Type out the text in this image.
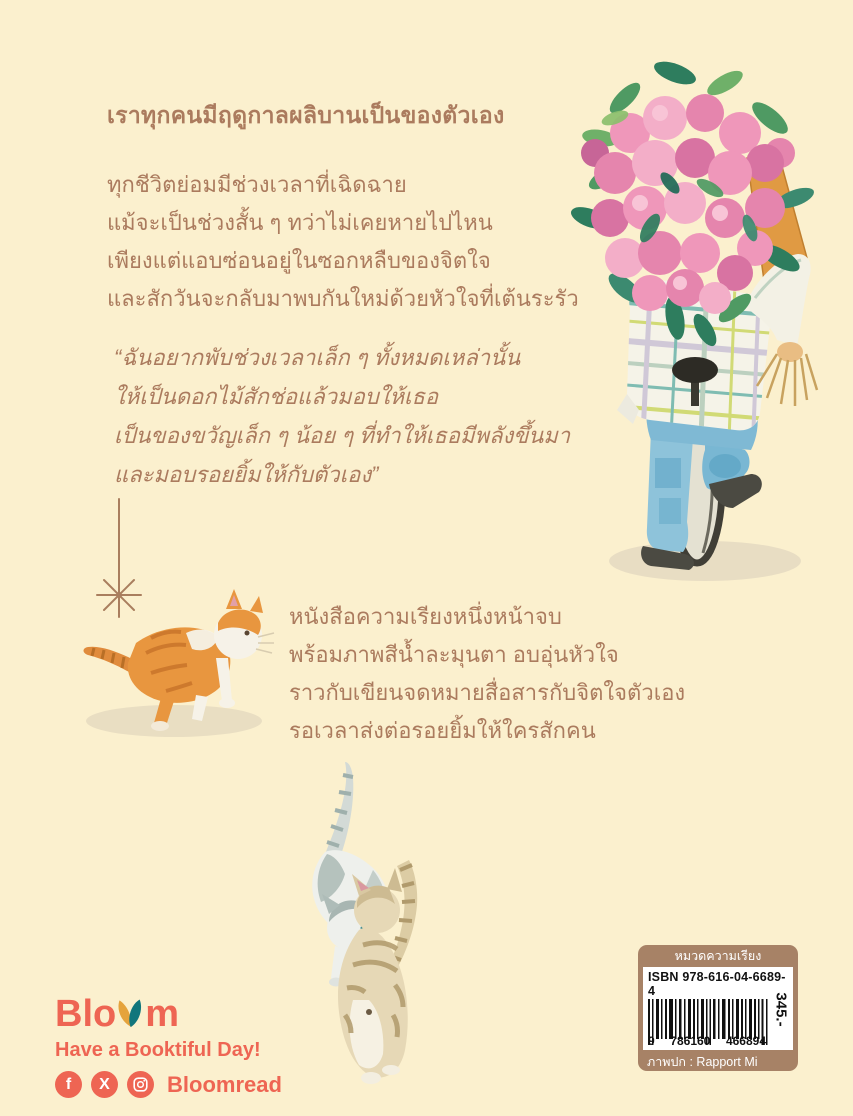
เราทุกคนมีฤดูกาลผลิบานเป็นของตัวเอง
ทุกชีวิตย่อมมีช่วงเวลาที่เฉิดฉาย
แม้จะเป็นช่วงสั้น ๆ ทว่าไม่เคยหายไปไหน
เพียงแต่แอบซ่อนอยู่ในซอกหลืบของจิตใจ
และสักวันจะกลับมาพบกันใหม่ด้วยหัวใจที่เต้นระรัว
“ฉันอยากพับช่วงเวลาเล็ก ๆ ทั้งหมดเหล่านั้น
ให้เป็นดอกไม้สักช่อแล้วมอบให้เธอ
เป็นของขวัญเล็ก ๆ น้อย ๆ ที่ทำให้เธอมีพลังขึ้นมา
และมอบรอยยิ้มให้กับตัวเอง”
หนังสือความเรียงหนึ่งหน้าจบ
พร้อมภาพสีน้ำละมุนตา อบอุ่นหัวใจ
ราวกับเขียนจดหมายสื่อสารกับจิตใจตัวเอง
รอเวลาส่งต่อรอยยิ้มให้ใครสักคน
Blo m
Have a Booktiful Day!
f	X	Bloomread
หมวดความเรียง
ISBN 978-616-04-6689-4
9 786160 466894
345.-
ภาพปก : Rapport Mi
